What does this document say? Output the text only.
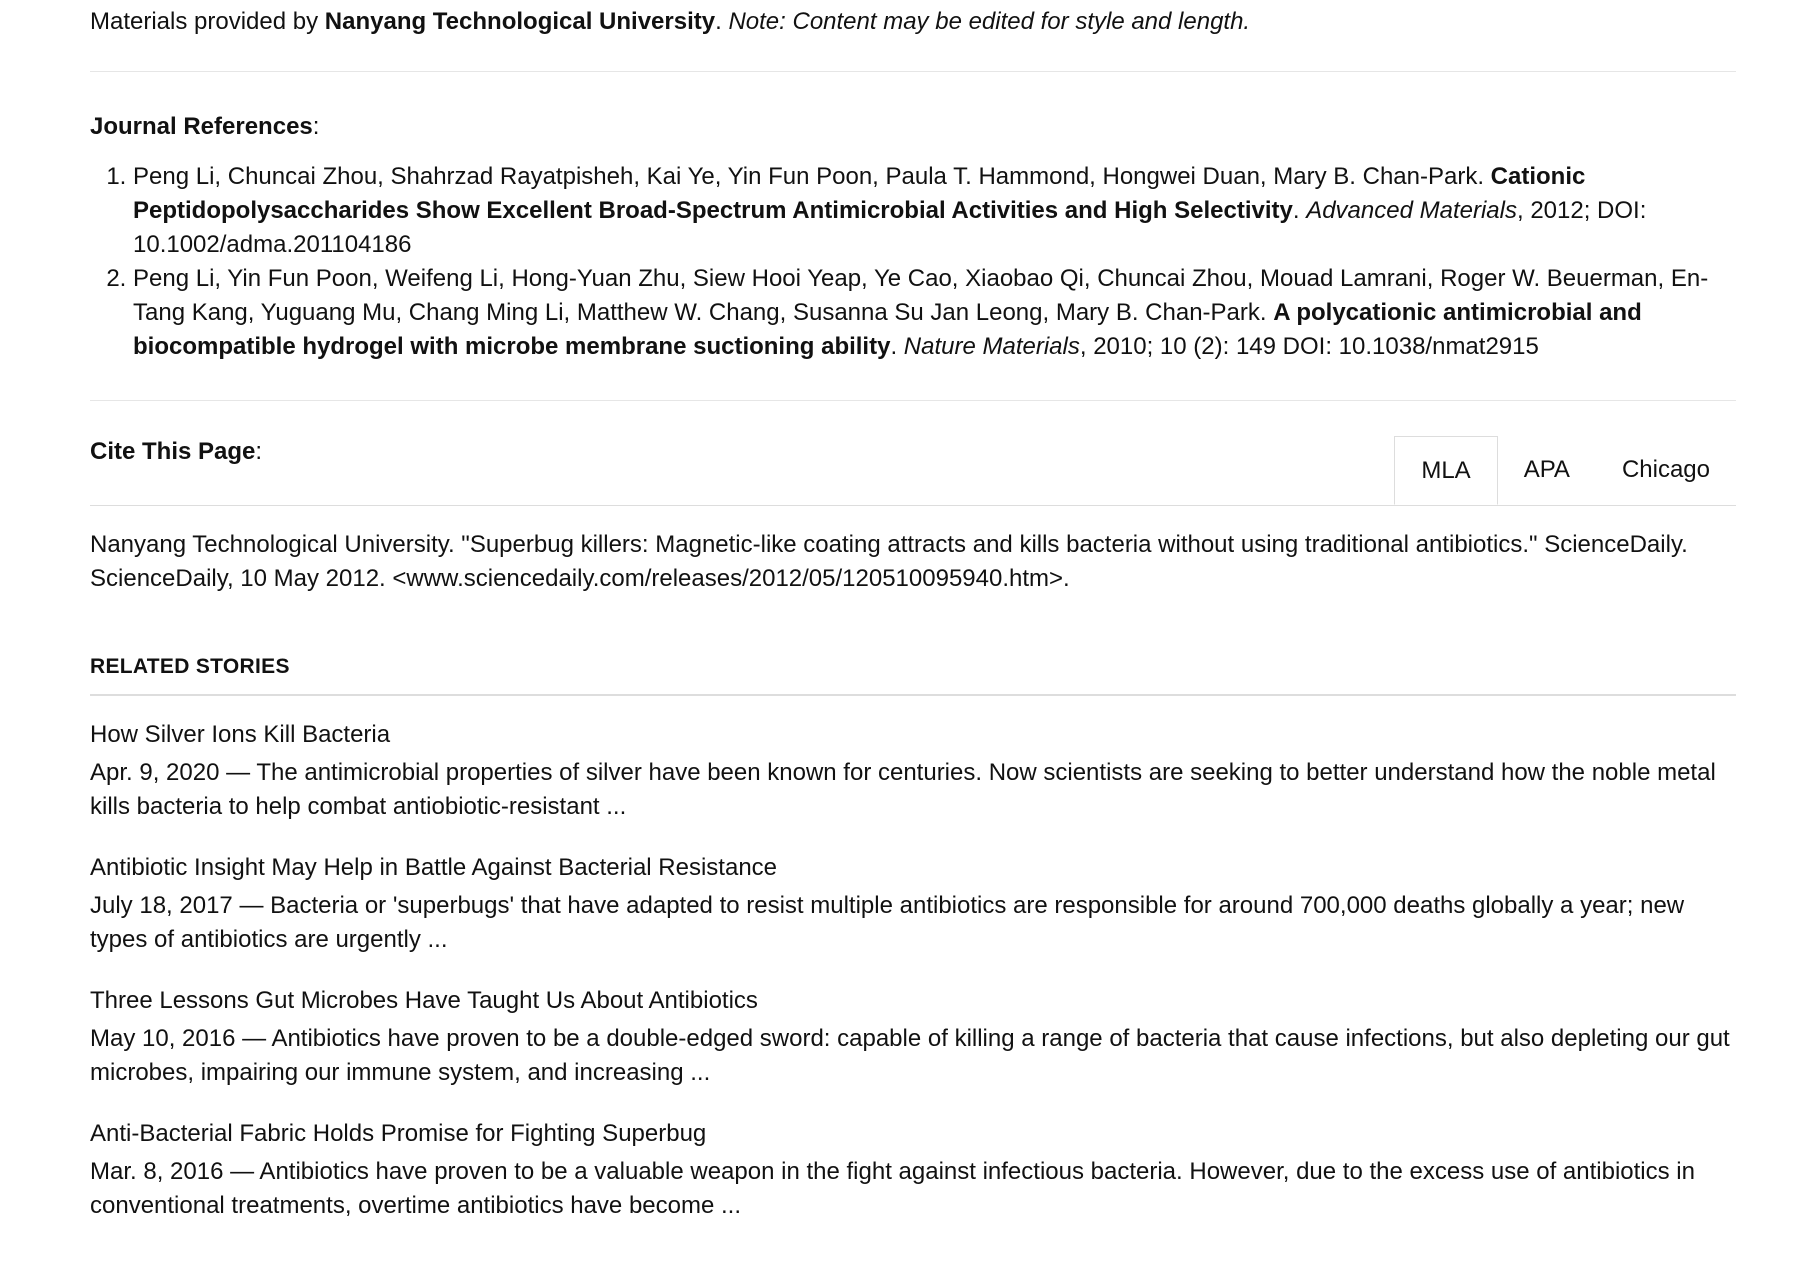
Materials provided by Nanyang Technological University. Note: Content may be edited for style and length.
Journal References:
1. Peng Li, Chuncai Zhou, Shahrzad Rayatpisheh, Kai Ye, Yin Fun Poon, Paula T. Hammond, Hongwei Duan, Mary B. Chan-Park. Cationic Peptidopolysaccharides Show Excellent Broad-Spectrum Antimicrobial Activities and High Selectivity. Advanced Materials, 2012; DOI: 10.1002/adma.201104186
2. Peng Li, Yin Fun Poon, Weifeng Li, Hong-Yuan Zhu, Siew Hooi Yeap, Ye Cao, Xiaobao Qi, Chuncai Zhou, Mouad Lamrani, Roger W. Beuerman, En-Tang Kang, Yuguang Mu, Chang Ming Li, Matthew W. Chang, Susanna Su Jan Leong, Mary B. Chan-Park. A polycationic antimicrobial and biocompatible hydrogel with microbe membrane suctioning ability. Nature Materials, 2010; 10 (2): 149 DOI: 10.1038/nmat2915
Cite This Page:
MLA	APA	Chicago
Nanyang Technological University. "Superbug killers: Magnetic-like coating attracts and kills bacteria without using traditional antibiotics." ScienceDaily. ScienceDaily, 10 May 2012. <www.sciencedaily.com/releases/2012/05/120510095940.htm>.
RELATED STORIES
How Silver Ions Kill Bacteria
Apr. 9, 2020 — The antimicrobial properties of silver have been known for centuries. Now scientists are seeking to better understand how the noble metal kills bacteria to help combat antiobiotic-resistant ...
Antibiotic Insight May Help in Battle Against Bacterial Resistance
July 18, 2017 — Bacteria or 'superbugs' that have adapted to resist multiple antibiotics are responsible for around 700,000 deaths globally a year; new types of antibiotics are urgently ...
Three Lessons Gut Microbes Have Taught Us About Antibiotics
May 10, 2016 — Antibiotics have proven to be a double-edged sword: capable of killing a range of bacteria that cause infections, but also depleting our gut microbes, impairing our immune system, and increasing ...
Anti-Bacterial Fabric Holds Promise for Fighting Superbug
Mar. 8, 2016 — Antibiotics have proven to be a valuable weapon in the fight against infectious bacteria. However, due to the excess use of antibiotics in conventional treatments, overtime antibiotics have become ...
